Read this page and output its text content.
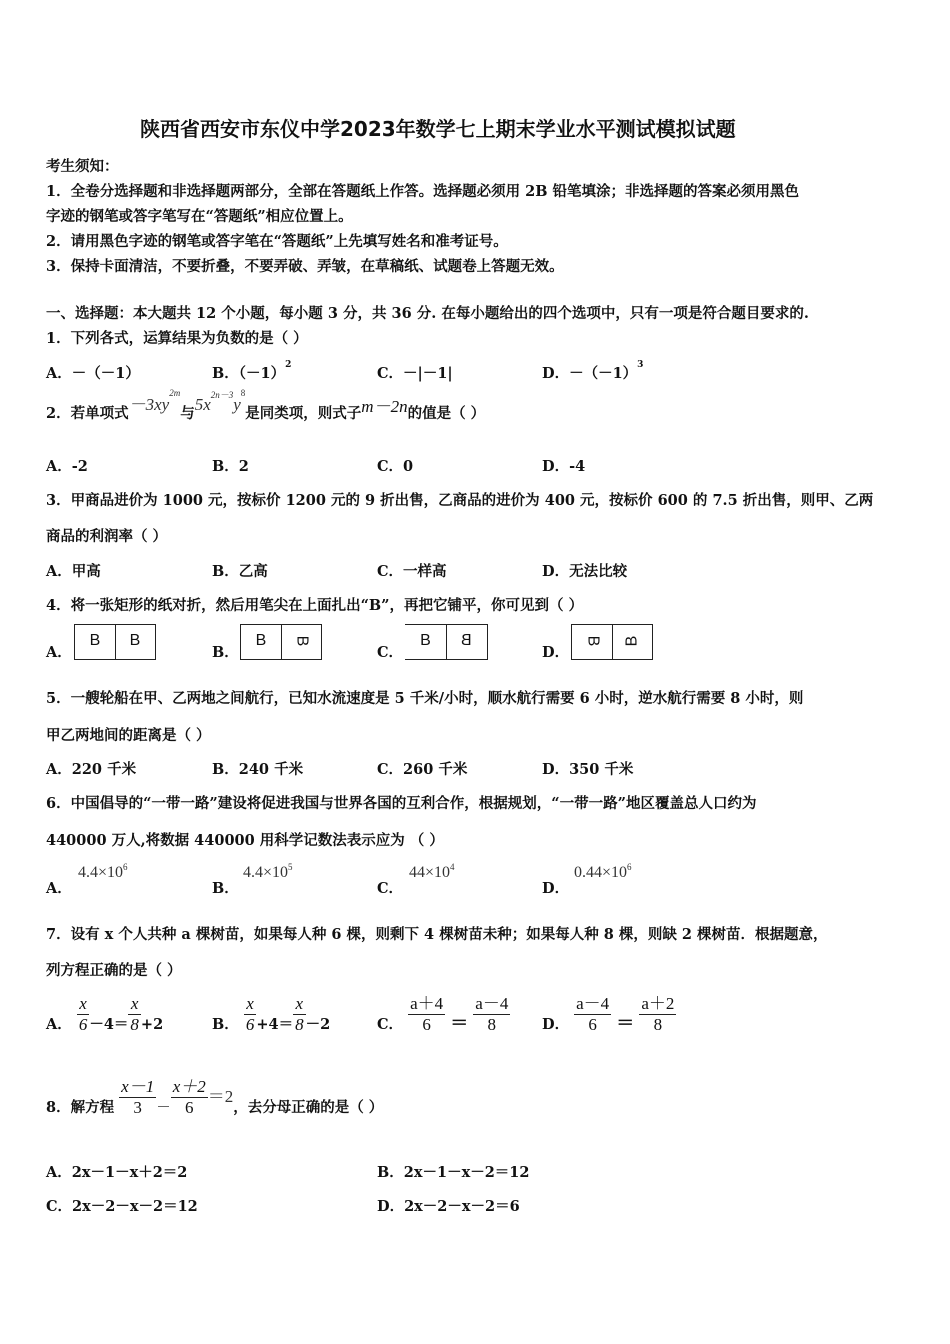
陕西省西安市东仪中学2023年数学七上期末学业水平测试模拟试题
考生须知：
1．全卷分选择题和非选择题两部分，全部在答题纸上作答。选择题必须用 2B 铅笔填涂；非选择题的答案必须用黑色
字迹的钢笔或答字笔写在“答题纸”相应位置上。
2．请用黑色字迹的钢笔或答字笔在“答题纸”上先填写姓名和准考证号。
3．保持卡面清洁，不要折叠，不要弄破、弄皱，在草稿纸、试题卷上答题无效。
一、选择题：本大题共 12 个小题，每小题 3 分，共 36 分. 在每小题给出的四个选项中，只有一项是符合题目要求的.
1．下列各式，运算结果为负数的是（ ）
A．－（－1）	B．$(-1)^2$	C．－|－1|	D．$-(-1)^3$
2．若单项式$-3xy^{2m}$与$5x^{2n-3}y^8$是同类项，则式子m－2n的值是（ ）
A．-2	B．2	C．0	D．-4
3．甲商品进价为 1000 元，按标价 1200 元的 9 折出售，乙商品的进价为 400 元，按标价 600 的 7.5 折出售，则甲、乙两
商品的利润率（ ）
A．甲高	B．乙高	C．一样高	D．无法比较
4．将一张矩形的纸对折，然后用笔尖在上面扎出“B”，再把它铺平，你可见到（ ）
A．
B	B
B．
B	B
C．
B	B
D．
B	B
5．一艘轮船在甲、乙两地之间航行，已知水流速度是 5 千米/小时，顺水航行需要 6 小时，逆水航行需要 8 小时，则
甲乙两地间的距离是（ ）
A．220 千米	B．240 千米	C．260 千米	D．350 千米
6．中国倡导的“一带一路”建设将促进我国与世界各国的互利合作，根据规划，“一带一路”地区覆盖总人口约为
440000 万人,将数据 440000 用科学记数法表示应为 （ ）
A．
$4.4\times 10^6$
B．
$4.4\times 10^5$
C．
$44\times 10^4$
D．
$0.44\times 10^6$
7．设有 x 个人共种 a 棵树苗，如果每人种 6 棵，则剩下 4 棵树苗未种；如果每人种 8 棵，则缺 2 棵树苗．根据题意，
列方程正确的是（ ）
A． $\frac{x}{6} -4= \frac{x}{8} +2$	B． $\frac{x}{6} +4= \frac{x}{8} -2$	C． $\frac{a+4}{6} = \frac{a-4}{8}$ D． $\frac{a-4}{6} = \frac{a+2}{8}$
8．解方程 $\frac{x-1}{3} - \frac{x+2}{6} =2$，去分母正确的是（ ）
A．2x－1－x＋2＝2	B．2x－1－x－2＝12
C．2x－2－x－2＝12	D．2x－2－x－2＝6
